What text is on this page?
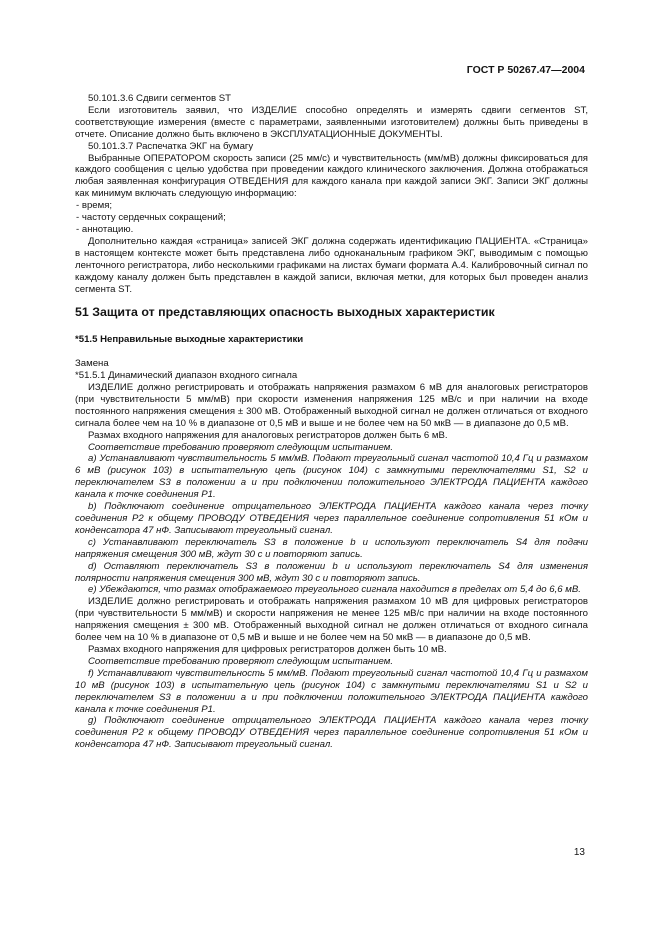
ГОСТ Р 50267.47—2004

50.101.3.6 Сдвиги сегментов ST

Если изготовитель заявил, что ИЗДЕЛИЕ способно определять и измерять сдвиги сегментов ST, соответствующие измерения (вместе с параметрами, заявленными изготовителем) должны быть приведены в отчете. Описание должно быть включено в ЭКСПЛУАТАЦИОННЫЕ ДОКУМЕНТЫ.

50.101.3.7 Распечатка ЭКГ на бумагу

Выбранные ОПЕРАТОРОМ скорость записи (25 мм/с) и чувствительность (мм/мВ) должны фиксироваться для каждого сообщения с целью удобства при проведении каждого клинического заключения. Должна отображаться любая заявленная конфигурация ОТВЕДЕНИЯ для каждого канала при каждой записи ЭКГ. Записи ЭКГ должны как минимум включать следующую информацию:

- время;

- частоту сердечных сокращений;

- аннотацию.

Дополнительно каждая «страница» записей ЭКГ должна содержать идентификацию ПАЦИЕНТА. «Страница» в настоящем контексте может быть представлена либо одноканальным графиком ЭКГ, выводимым с помощью ленточного регистратора, либо несколькими графиками на листах бумаги формата А.4. Калибровочный сигнал по каждому каналу должен быть представлен в каждой записи, включая метки, для которых был проведен анализ сегмента ST.

51 Защита от представляющих опасность выходных характеристик

*51.5 Неправильные выходные характеристики

Замена

*51.5.1 Динамический диапазон входного сигнала

ИЗДЕЛИЕ должно регистрировать и отображать напряжения размахом 6 мВ для аналоговых регистраторов (при чувствительности 5 мм/мВ) при скорости изменения напряжения 125 мВ/с и при наличии на входе постоянного напряжения смещения ± 300 мВ. Отображенный выходной сигнал не должен отличаться от входного сигнала более чем на 10 % в диапазоне от 0,5 мВ и выше и не более чем на 50 мкВ — в диапазоне до 0,5 мВ.

Размах входного напряжения для аналоговых регистраторов должен быть 6 мВ.

Соответствие требованию проверяют следующим испытанием.

а) Устанавливают чувствительность 5 мм/мВ. Подают треугольный сигнал частотой 10,4 Гц и размахом 6 мВ (рисунок 103) в испытательную цепь (рисунок 104) с замкнутыми переключателями S1, S2 и переключателем S3 в положении a и при подключении положительного ЭЛЕКТРОДА ПАЦИЕНТА каждого канала к точке соединения P1.

b) Подключают соединение отрицательного ЭЛЕКТРОДА ПАЦИЕНТА каждого канала через точку соединения P2 к общему ПРОВОДУ ОТВЕДЕНИЯ через параллельное соединение сопротивления 51 кОм и конденсатора 47 нФ. Записывают треугольный сигнал.

c) Устанавливают переключатель S3 в положение b и используют переключатель S4 для подачи напряжения смещения 300 мВ, ждут 30 с и повторяют запись.

d) Оставляют переключатель S3 в положении b и используют переключатель S4 для изменения полярности напряжения смещения 300 мВ, ждут 30 с и повторяют запись.

е) Убеждаются, что размах отображаемого треугольного сигнала находится в пределах от 5,4 до 6,6 мВ.

ИЗДЕЛИЕ должно регистрировать и отображать напряжения размахом 10 мВ для цифровых регистраторов (при чувствительности 5 мм/мВ) и скорости напряжения не менее 125 мВ/с при наличии на входе постоянного напряжения смещения ± 300 мВ. Отображенный выходной сигнал не должен отличаться от входного сигнала более чем на 10 % в диапазоне от 0,5 мВ и выше и не более чем на 50 мкВ — в диапазоне до 0,5 мВ.

Размах входного напряжения для цифровых регистраторов должен быть 10 мВ.

Соответствие требованию проверяют следующим испытанием.

f) Устанавливают чувствительность 5 мм/мВ. Подают треугольный сигнал частотой 10,4 Гц и размахом 10 мВ (рисунок 103) в испытательную цепь (рисунок 104) с замкнутыми переключателями S1 и S2 и переключателем S3 в положении a и при подключении положительного ЭЛЕКТРОДА ПАЦИЕНТА каждого канала к точке соединения P1.

g) Подключают соединение отрицательного ЭЛЕКТРОДА ПАЦИЕНТА каждого канала через точку соединения P2 к общему ПРОВОДУ ОТВЕДЕНИЯ через параллельное соединение сопротивления 51 кОм и конденсатора 47 нФ. Записывают треугольный сигнал.

13
